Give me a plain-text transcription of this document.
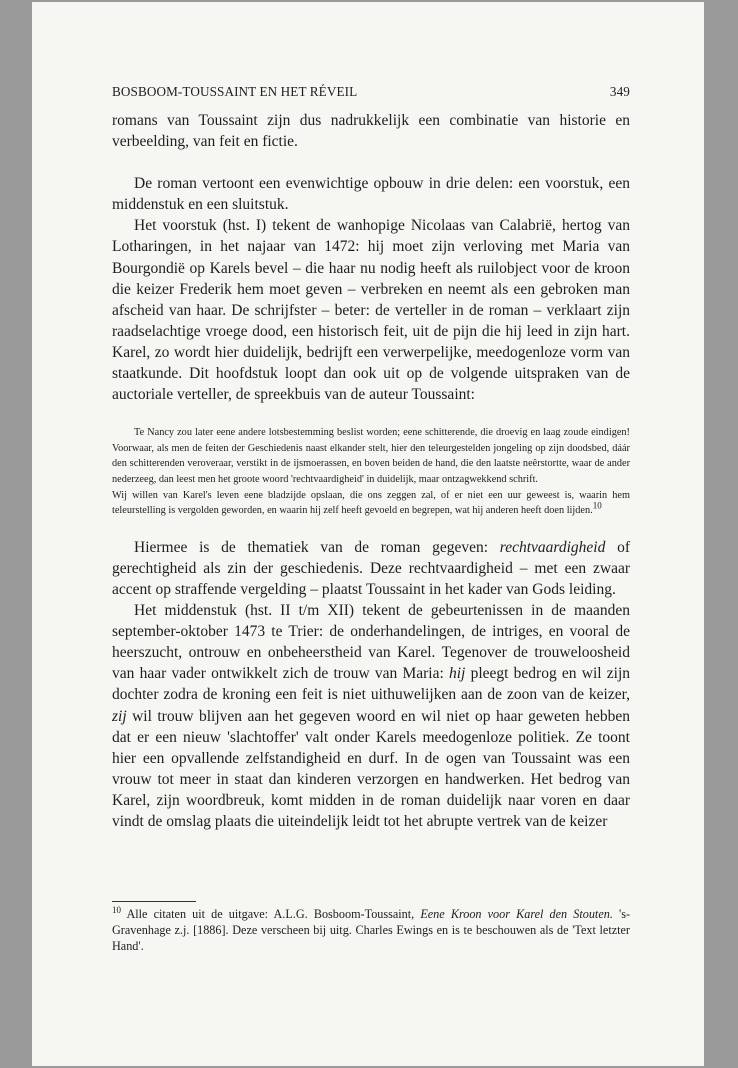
BOSBOOM-TOUSSAINT EN HET RÉVEIL	349

romans van Toussaint zijn dus nadrukkelijk een combinatie van historie en verbeelding, van feit en fictie.

De roman vertoont een evenwichtige opbouw in drie delen: een voorstuk, een middenstuk en een sluitstuk.

Het voorstuk (hst. I) tekent de wanhopige Nicolaas van Calabrië, hertog van Lotharingen, in het najaar van 1472: hij moet zijn verloving met Maria van Bourgondië op Karels bevel – die haar nu nodig heeft als ruilobject voor de kroon die keizer Frederik hem moet geven – verbreken en neemt als een gebroken man afscheid van haar. De schrijfster – beter: de verteller in de roman – verklaart zijn raadselachtige vroege dood, een historisch feit, uit de pijn die hij leed in zijn hart. Karel, zo wordt hier duidelijk, bedrijft een verwerpelijke, meedogenloze vorm van staatkunde. Dit hoofdstuk loopt dan ook uit op de volgende uitspraken van de auctoriale verteller, de spreekbuis van de auteur Toussaint:

Te Nancy zou later eene andere lotsbestemming beslist worden; eene schitterende, die droevig en laag zoude eindigen! Voorwaar, als men de feiten der Geschiedenis naast elkander stelt, hier den teleurgestelden jongeling op zijn doodsbed, dáár den schitterenden veroveraar, verstikt in de ijsmoerassen, en boven beiden de hand, die den laatste neêrstortte, waar de ander nederzeeg, dan leest men het groote woord 'rechtvaardigheid' in duidelijk, maar ontzagwekkend schrift.

Wij willen van Karel's leven eene bladzijde opslaan, die ons zeggen zal, of er niet een uur geweest is, waarin hem teleurstelling is vergolden geworden, en waarin hij zelf heeft gevoeld en begrepen, wat hij anderen heeft doen lijden.$^{10}$

Hiermee is de thematiek van de roman gegeven: rechtvaardigheid of gerechtigheid als zin der geschiedenis. Deze rechtvaardigheid – met een zwaar accent op straffende vergelding – plaatst Toussaint in het kader van Gods leiding.

Het middenstuk (hst. II t/m XII) tekent de gebeurtenissen in de maanden september-oktober 1473 te Trier: de onderhandelingen, de intriges, en vooral de heerszucht, ontrouw en onbeheerstheid van Karel. Tegenover de trouweloosheid van haar vader ontwikkelt zich de trouw van Maria: hij pleegt bedrog en wil zijn dochter zodra de kroning een feit is niet uithuwelijken aan de zoon van de keizer, zij wil trouw blijven aan het gegeven woord en wil niet op haar geweten hebben dat er een nieuw 'slachtoffer' valt onder Karels meedogenloze politiek. Ze toont hier een opvallende zelfstandigheid en durf. In de ogen van Toussaint was een vrouw tot meer in staat dan kinderen verzorgen en handwerken. Het bedrog van Karel, zijn woordbreuk, komt midden in de roman duidelijk naar voren en daar vindt de omslag plaats die uiteindelijk leidt tot het abrupte vertrek van de keizer

$^{10}$ Alle citaten uit de uitgave: A.L.G. Bosboom-Toussaint, Eene Kroon voor Karel den Stouten. 's-Gravenhage z.j. [1886]. Deze verscheen bij uitg. Charles Ewings en is te beschouwen als de 'Text letzter Hand'.
